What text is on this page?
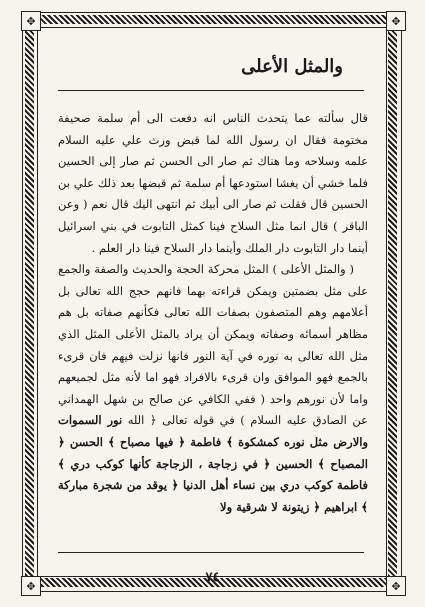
✥	✥
✥	✥
والمثل الأعلى

قال سألته عما يتحدث الناس انه دفعت الى أم سلمة صحيفة مختومة فقال ان رسول الله لما قبض ورث علي عليه السلام علمه وسلاحه وما هناك ثم صار الى الحسن ثم صار إلى الحسين فلما خشي أن يغشا استودعها أم سلمة ثم قبضها بعد ذلك علي بن الحسين قال فقلت ثم صار الى أبيك ثم انتهى اليك قال نعم ( وعن الباقر ) قال انما مثل السلاح فينا كمثل التابوت في بني اسرائيل أينما دار التابوت دار الملك وأينما دار السلاح فينا دار العلم .

( والمثل الأعلى ) المثل محركة الحجة والحديث والصفة والجمع على مثل بضمتين ويمكن قراءته بهما فانهم حجج الله تعالى بل أعلامهم وهم المتصفون بصفات الله تعالى فكأنهم صفاته بل هم مظاهر أسمائه وصفاته ويمكن أن يراد بالمثل الأعلى المثل الذي مثل الله تعالى به نوره في آية النور فانها نزلت فيهم فان قرىء بالجمع فهو الموافق وان قرىء بالافراد فهو اما لأنه مثل لجميعهم واما لأن نورهم واحد ( ففي الكافي عن صالح بن شهل الهمداني عن الصادق عليه السلام ) في قوله تعالى ﴿ الله نور السموات والارض مثل نوره كمشكوة ﴾ فاطمة ﴿ فيها مصباح ﴾ الحسن ﴿ المصباح ﴾ الحسين ﴿ في زجاجة ، الزجاجة كأنها كوكب دري ﴾ فاطمة كوكب دري بين نساء أهل الدنيا ﴿ يوقد من شجرة مباركة ﴾ ابراهيم ﴿ زيتونة لا شرقية ولا

٧٤
